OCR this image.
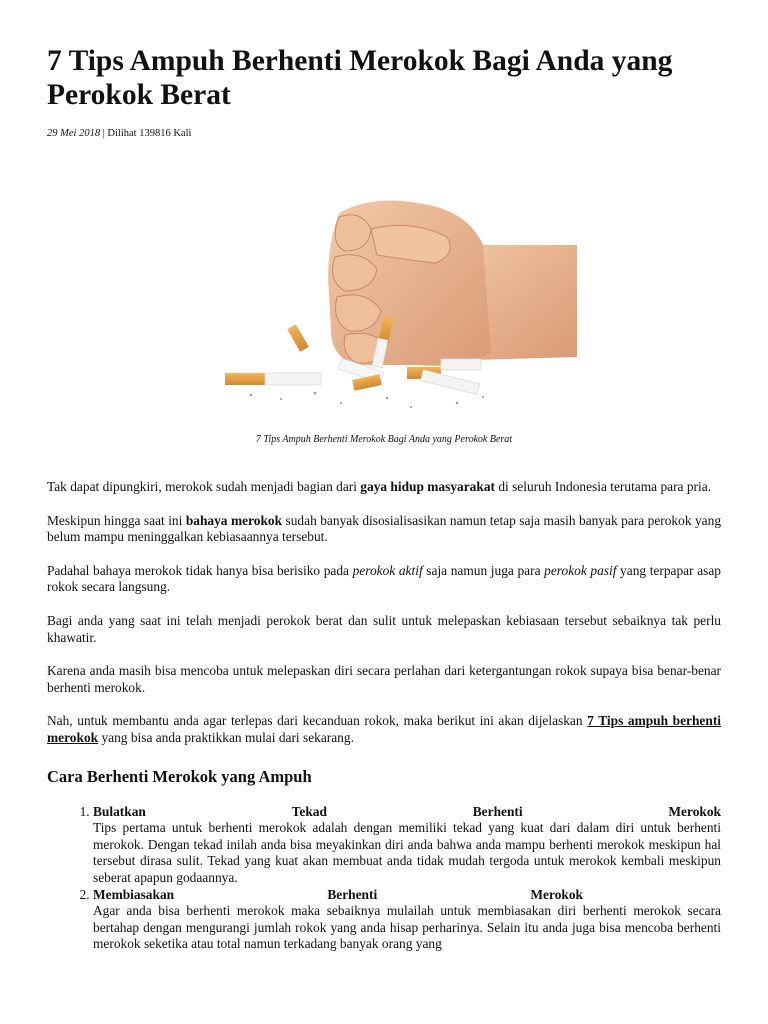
7 Tips Ampuh Berhenti Merokok Bagi Anda yang Perokok Berat
29 Mei 2018 | Dilihat 139816 Kali
7 Tips Ampuh Berhenti Merokok Bagi Anda yang Perokok Berat

Tak dapat dipungkiri, merokok sudah menjadi bagian dari gaya hidup masyarakat di seluruh Indonesia terutama para pria.

Meskipun hingga saat ini bahaya merokok sudah banyak disosialisasikan namun tetap saja masih banyak para perokok yang belum mampu meninggalkan kebiasaannya tersebut.

Padahal bahaya merokok tidak hanya bisa berisiko pada perokok aktif saja namun juga para perokok pasif yang terpapar asap rokok secara langsung.

Bagi anda yang saat ini telah menjadi perokok berat dan sulit untuk melepaskan kebiasaan tersebut sebaiknya tak perlu khawatir.

Karena anda masih bisa mencoba untuk melepaskan diri secara perlahan dari ketergantungan rokok supaya bisa benar-benar berhenti merokok.

Nah, untuk membantu anda agar terlepas dari kecanduan rokok, maka berikut ini akan dijelaskan 7 Tips ampuh berhenti merokok yang bisa anda praktikkan mulai dari sekarang.

Cara Berhenti Merokok yang Ampuh
1. Bulatkan	Tekad	Berhenti	Merokok
Tips pertama untuk berhenti merokok adalah dengan memiliki tekad yang kuat dari dalam diri untuk berhenti merokok. Dengan tekad inilah anda bisa meyakinkan diri anda bahwa anda mampu berhenti merokok meskipun hal tersebut dirasa sulit. Tekad yang kuat akan membuat anda tidak mudah tergoda untuk merokok kembali meskipun seberat apapun godaannya.
2. Membiasakan	Berhenti	Merokok
Agar anda bisa berhenti merokok maka sebaiknya mulailah untuk membiasakan diri berhenti merokok secara bertahap dengan mengurangi jumlah rokok yang anda hisap perharinya. Selain itu anda juga bisa mencoba berhenti merokok seketika atau total namun terkadang banyak orang yang
